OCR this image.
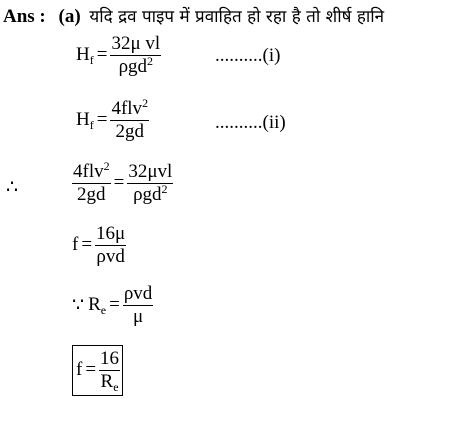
Ans : (a) यदि द्रव पाइप में प्रवाहित हो रहा है तो शीर्ष हानि
$H_f = \frac{\text{32μ vl}}{\rho gd^2}$	..........(i)
$H_f = \frac{4flv^2}{2gd}$	..........(ii)
∴	$\frac{4flv^2}{2gd} = \frac{\text{32μvl}}{\rho gd^2}$
$f = \frac{16\mu}{\text{ρvd}}$
∵ $R_e = \frac{\text{ρvd}}{\mu}$
$f = \frac{16}{R_e}$
